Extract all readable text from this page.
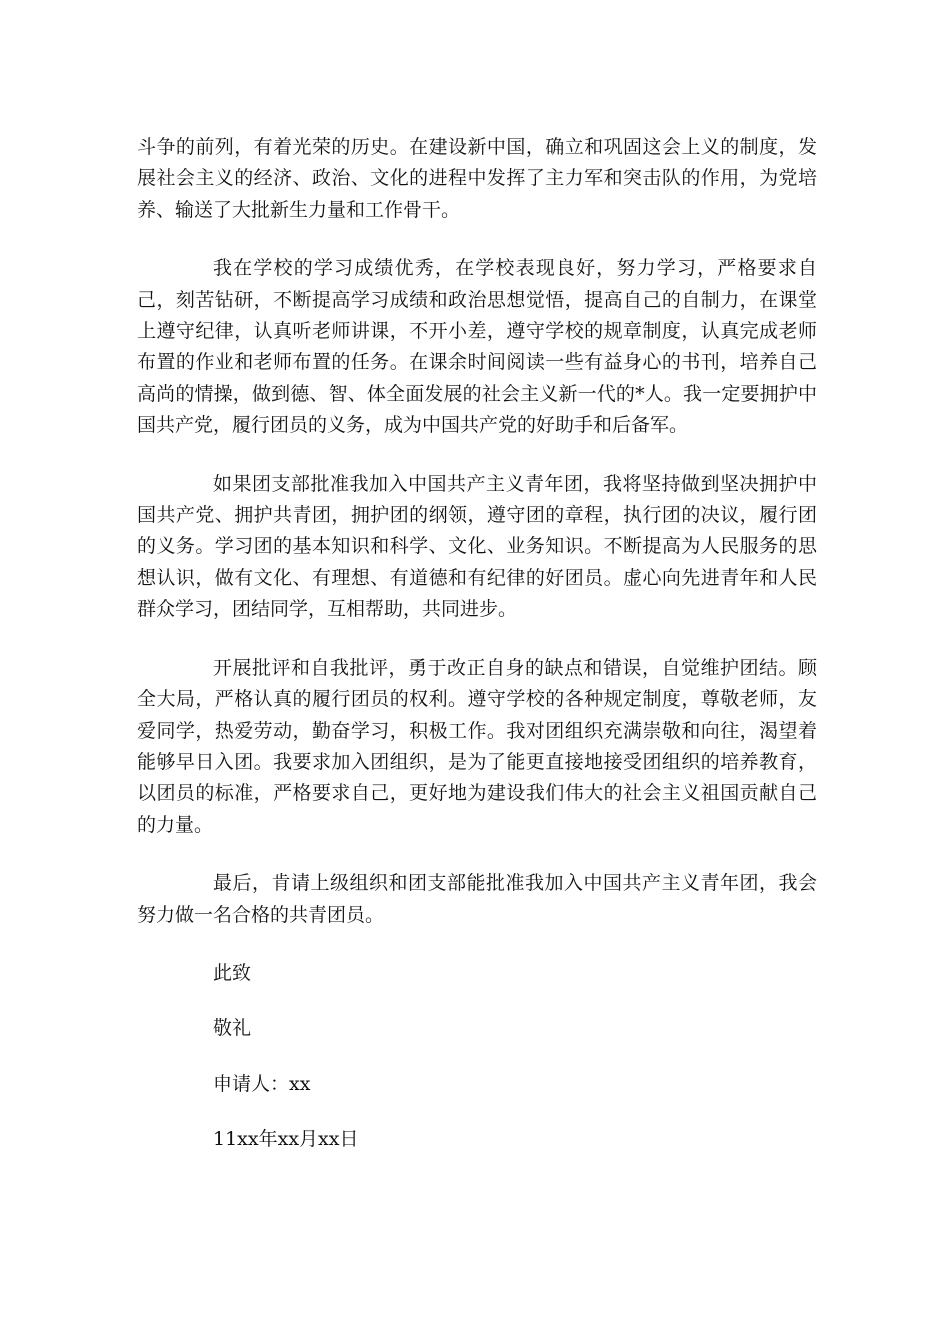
斗争的前列，有着光荣的历史。在建设新中国，确立和巩固这会上义的制度，发展社会主义的经济、政治、文化的进程中发挥了主力军和突击队的作用，为党培养、输送了大批新生力量和工作骨干。

我在学校的学习成绩优秀，在学校表现良好，努力学习，严格要求自己，刻苦钻研，不断提高学习成绩和政治思想觉悟，提高自己的自制力，在课堂上遵守纪律，认真听老师讲课，不开小差，遵守学校的规章制度，认真完成老师布置的作业和老师布置的任务。在课余时间阅读一些有益身心的书刊，培养自己高尚的情操，做到德、智、体全面发展的社会主义新一代的*人。我一定要拥护中国共产党，履行团员的义务，成为中国共产党的好助手和后备军。

如果团支部批准我加入中国共产主义青年团，我将坚持做到坚决拥护中国共产党、拥护共青团，拥护团的纲领，遵守团的章程，执行团的决议，履行团的义务。学习团的基本知识和科学、文化、业务知识。不断提高为人民服务的思想认识，做有文化、有理想、有道德和有纪律的好团员。虚心向先进青年和人民群众学习，团结同学，互相帮助，共同进步。

开展批评和自我批评，勇于改正自身的缺点和错误，自觉维护团结。顾全大局，严格认真的履行团员的权利。遵守学校的各种规定制度，尊敬老师，友爱同学，热爱劳动，勤奋学习，积极工作。我对团组织充满崇敬和向往，渴望着能够早日入团。我要求加入团组织，是为了能更直接地接受团组织的培养教育，以团员的标准，严格要求自己，更好地为建设我们伟大的社会主义祖国贡献自己的力量。

最后，肯请上级组织和团支部能批准我加入中国共产主义青年团，我会努力做一名合格的共青团员。

此致
敬礼
申请人：xx
11xx年xx月xx日
